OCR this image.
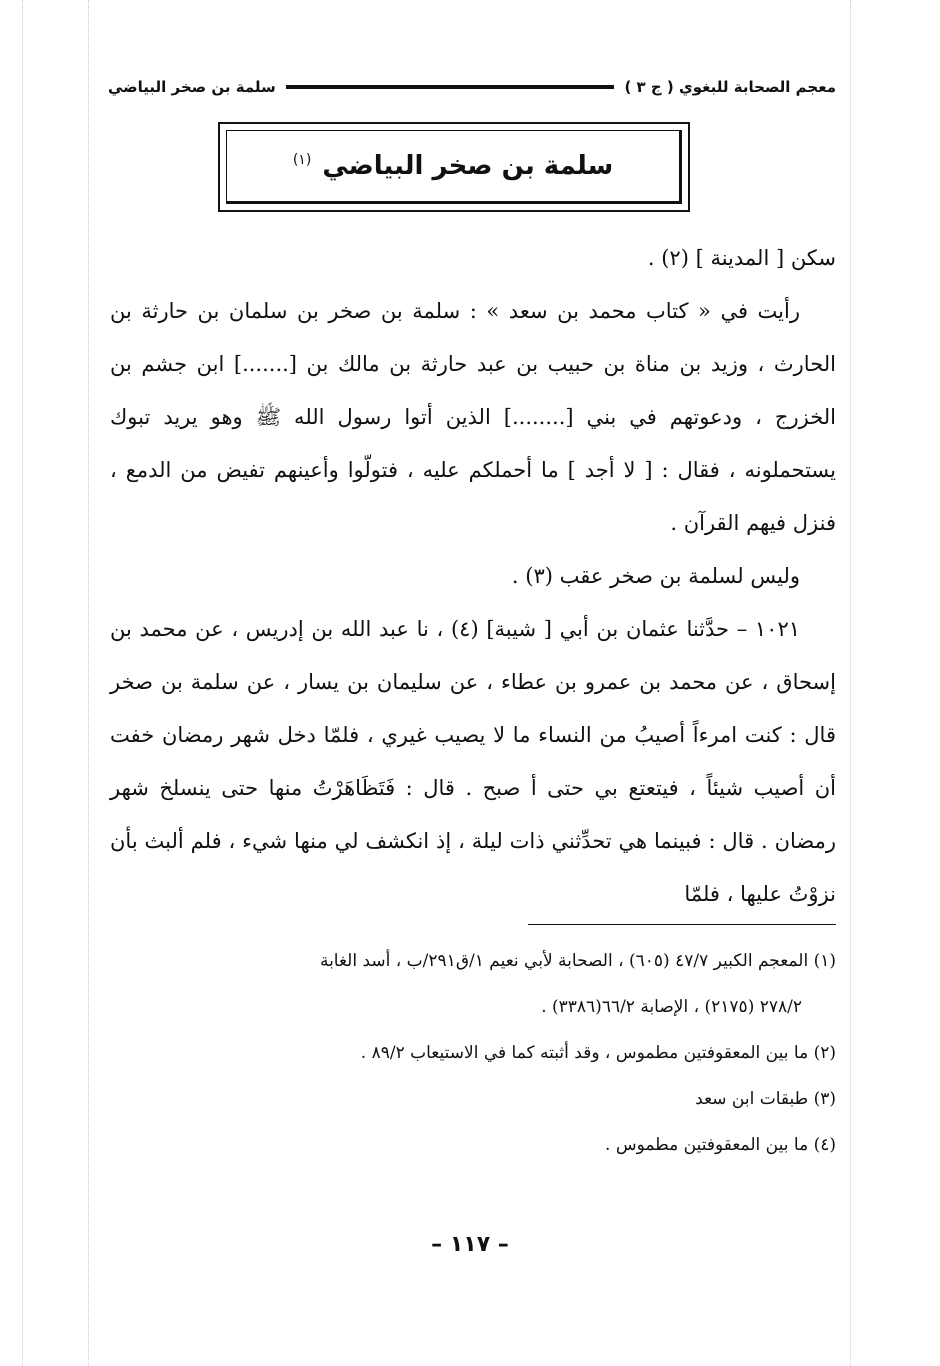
معجم الصحابة للبغوي ( ج ٣ )
سلمة بن صخر البياضي
سلمة بن صخر البياضي $^{(١)}$

سكن [ المدينة ] (٢) .

رأيت في « كتاب محمد بن سعد » : سلمة بن صخر بن سلمان بن حارثة بن الحارث ، وزيد بن مناة بن حبيب بن عبد حارثة بن مالك بن [.......] ابن جشم بن الخزرج ، ودعوتهم في بني [........] الذين أتوا رسول الله ﷺ وهو يريد تبوك يستحملونه ، فقال : [ لا أجد ] ما أحملكم عليه ، فتولّوا وأعينهم تفيض من الدمع ، فنزل فيهم القرآن .

وليس لسلمة بن صخر عقب (٣) .

١٠٢١ – حدَّثنا عثمان بن أبي [ شيبة] (٤) ، نا عبد الله بن إدريس ، عن محمد بن إسحاق ، عن محمد بن عمرو بن عطاء ، عن سليمان بن يسار ، عن سلمة بن صخر قال : كنت امرءاً أصيبُ من النساء ما لا يصيب غيري ، فلمّا دخل شهر رمضان خفت أن أصيب شيئاً ، فيتعتع بي حتى أ صبح . قال : فَتَظَاهَرْتُ منها حتى ينسلخ شهر رمضان . قال : فبينما هي تحدِّثني ذات ليلة ، إذ انكشف لي منها شيء ، فلم ألبث بأن نزوْتُ عليها ، فلمّا

(١) المعجم الكبير ٤٧/٧ (٦٠٥) ، الصحابة لأبي نعيم ١/ق٢٩١/ب ، أسد الغابة

٢٧٨/٢ (٢١٧٥) ، الإصابة ٦٦/٢(٣٣٨٦) .

(٢) ما بين المعقوفتين مطموس ، وقد أثبته كما في الاستيعاب ٨٩/٢ .

(٣) طبقات ابن سعد

(٤) ما بين المعقوفتين مطموس .

– ١١٧ –
